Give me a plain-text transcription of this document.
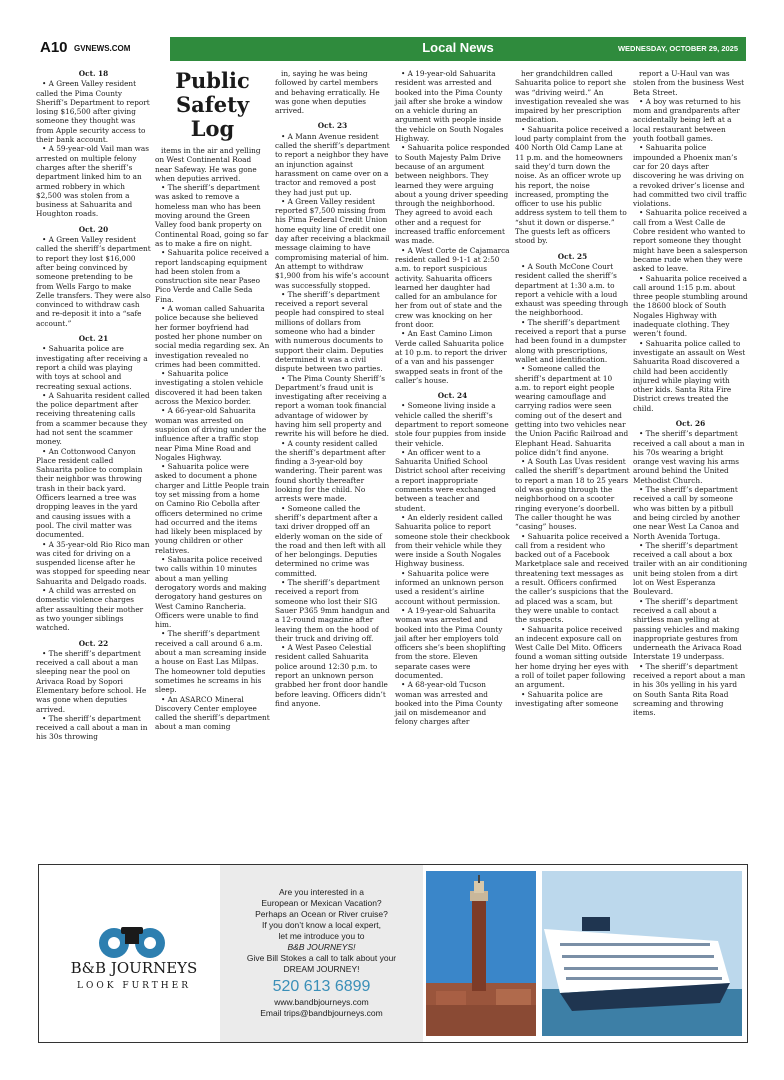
A10 GVNEWS.COM	Local News	WEDNESDAY, OCTOBER 29, 2025

Oct. 18

• A Green Valley resident called the Pima County Sheriff’s Department to report losing $16,500 after giving someone they thought was from Apple security access to their bank account.

• A 59-year-old Vail man was arrested on multiple felony charges after the sheriff’s department linked him to an armed robbery in which $2,500 was stolen from a business at Sahuarita and Houghton roads.

Oct. 20

• A Green Valley resident called the sheriff’s department to report they lost $16,000 after being convinced by someone pretending to be from Wells Fargo to make Zelle transfers. They were also convinced to withdraw cash and re-deposit it into a “safe account.”

Oct. 21

• Sahuarita police are investigating after receiving a report a child was playing with toys at school and recreating sexual actions.

• A Sahuarita resident called the police department after receiving threatening calls from a scammer because they had not sent the scammer money.

• An Cottonwood Canyon Place resident called Sahuarita police to complain their neighbor was throwing trash in their back yard. Officers learned a tree was dropping leaves in the yard and causing issues with a pool. The civil matter was documented.

• A 35-year-old Rio Rico man was cited for driving on a suspended license after he was stopped for speeding near Sahuarita and Delgado roads.

• A child was arrested on domestic violence charges after assaulting their mother as two younger siblings watched.

Oct. 22

• The sheriff’s department received a call about a man sleeping near the pool on Arivaca Road by Sopori Elementary before school. He was gone when deputies arrived.

• The sheriff’s department received a call about a man in his 30s throwing

Public
Safety
Log

items in the air and yelling on West Continental Road near Safeway. He was gone when deputies arrived.

• The sheriff’s department was asked to remove a homeless man who has been moving around the Green Valley food bank property on Continental Road, going so far as to make a fire on night.

• Sahuarita police received a report landscaping equipment had been stolen from a construction site near Paseo Pico Verde and Calle Seda Fina.

• A woman called Sahuarita police because she believed her former boyfriend had posted her phone number on social media regarding sex. An investigation revealed no crimes had been committed.

• Sahuarita police investigating a stolen vehicle discovered it had been taken across the Mexico border.

• A 66-year-old Sahuarita woman was arrested on suspicion of driving under the influence after a traffic stop near Pima Mine Road and Nogales Highway.

• Sahuarita police were asked to document a phone charger and Little People train toy set missing from a home on Camino Rio Cebolla after officers determined no crime had occurred and the items had likely been misplaced by young children or other relatives.

• Sahuarita police received two calls within 10 minutes about a man yelling derogatory words and making derogatory hand gestures on West Camino Rancheria. Officers were unable to find him.

• The sheriff’s department received a call around 6 a.m. about a man screaming inside a house on East Las Milpas. The homeowner told deputies sometimes he screams in his sleep.

• An ASARCO Mineral Discovery Center employee called the sheriff’s department about a man coming

in, saying he was being followed by cartel members and behaving erratically. He was gone when deputies arrived.

Oct. 23

• A Mann Avenue resident called the sheriff’s department to report a neighbor they have an injunction against harassment on came over on a tractor and removed a post they had just put up.

• A Green Valley resident reported $7,500 missing from his Pima Federal Credit Union home equity line of credit one day after receiving a blackmail message claiming to have compromising material of him. An attempt to withdraw $1,900 from his wife’s account was successfully stopped.

• The sheriff’s department received a report several people had conspired to steal millions of dollars from someone who had a binder with numerous documents to support their claim. Deputies determined it was a civil dispute between two parties.

• The Pima County Sheriff’s Department’s fraud unit is investigating after receiving a report a woman took financial advantage of widower by having him sell property and rewrite his will before he died.

• A county resident called the sheriff’s department after finding a 3-year-old boy wandering. Their parent was found shortly thereafter looking for the child. No arrests were made.

• Someone called the sheriff’s department after a taxi driver dropped off an elderly woman on the side of the road and then left with all of her belongings. Deputies determined no crime was committed.

• The sheriff’s department received a report from someone who lost their SIG Sauer P365 9mm handgun and a 12-round magazine after leaving them on the hood of their truck and driving off.

• A West Paseo Celestial resident called Sahuarita police around 12:30 p.m. to report an unknown person grabbed her front door handle before leaving. Officers didn’t find anyone.

• A 19-year-old Sahuarita resident was arrested and booked into the Pima County jail after she broke a window on a vehicle during an argument with people inside the vehicle on South Nogales Highway.

• Sahuarita police responded to South Majesty Palm Drive because of an argument between neighbors. They learned they were arguing about a young driver speeding through the neighborhood. They agreed to avoid each other and a request for increased traffic enforcement was made.

• A West Corte de Cajamarca resident called 9-1-1 at 2:50 a.m. to report suspicious activity. Sahuarita officers learned her daughter had called for an ambulance for her from out of state and the crew was knocking on her front door.

• An East Camino Limon Verde called Sahuarita police at 10 p.m. to report the driver of a van and his passenger swapped seats in front of the caller’s house.

Oct. 24

• Someone living inside a vehicle called the sheriff’s department to report someone stole four puppies from inside their vehicle.

• An officer went to a Sahuarita Unified School District school after receiving a report inappropriate comments were exchanged between a teacher and student.

• An elderly resident called Sahuarita police to report someone stole their checkbook from their vehicle while they were inside a South Nogales Highway business.

• Sahuarita police were informed an unknown person used a resident’s airline account without permission.

• A 19-year-old Sahuarita woman was arrested and booked into the Pima County jail after her employers told officers she’s been shoplifting from the store. Eleven separate cases were documented.

• A 68-year-old Tucson woman was arrested and booked into the Pima County jail on misdemeanor and felony charges after

her grandchildren called Sahuarita police to report she was “driving weird.” An investigation revealed she was impaired by her prescription medication.

• Sahuarita police received a loud party complaint from the 400 North Old Camp Lane at 11 p.m. and the homeowners said they’d turn down the noise. As an officer wrote up his report, the noise increased, prompting the officer to use his public address system to tell them to “shut it down or disperse.” The guests left as officers stood by.

Oct. 25

• A South McCone Court resident called the sheriff’s department at 1:30 a.m. to report a vehicle with a loud exhaust was speeding through the neighborhood.

• The sheriff’s department received a report that a purse had been found in a dumpster along with prescriptions, wallet and identification.

• Someone called the sheriff’s department at 10 a.m. to report eight people wearing camouflage and carrying radios were seen coming out of the desert and getting into two vehicles near the Union Pacific Railroad and Elephant Head. Sahuarita police didn’t find anyone.

• A South Las Uvas resident called the sheriff’s department to report a man 18 to 25 years old was going through the neighborhood on a scooter ringing everyone’s doorbell. The caller thought he was “casing” houses.

• Sahuarita police received a call from a resident who backed out of a Facebook Marketplace sale and received threatening text messages as a result. Officers confirmed the caller’s suspicions that the ad placed was a scam, but they were unable to contact the suspects.

• Sahuarita police received an indecent exposure call on West Calle Del Mito. Officers found a woman sitting outside her home drying her eyes with a roll of toilet paper following an argument.

• Sahuarita police are investigating after someone

report a U-Haul van was stolen from the business West Beta Street.

• A boy was returned to his mom and grandparents after accidentally being left at a local restaurant between youth football games.

• Sahuarita police impounded a Phoenix man’s car for 20 days after discovering he was driving on a revoked driver’s license and had committed two civil traffic violations.

• Sahuarita police received a call from a West Calle de Cobre resident who wanted to report someone they thought might have been a salesperson became rude when they were asked to leave.

• Sahuarita police received a call around 1:15 p.m. about three people stumbling around the 18600 block of South Nogales Highway with inadequate clothing. They weren’t found.

• Sahuarita police called to investigate an assault on West Sahuarita Road discovered a child had been accidently injured while playing with other kids. Santa Rita Fire District crews treated the child.

Oct. 26

• The sheriff’s department received a call about a man in his 70s wearing a bright orange vest waving his arms around behind the United Methodist Church.

• The sheriff’s department received a call by someone who was bitten by a pitbull and being circled by another one near West La Canoa and North Avenida Tortuga.

• The sheriff’s department received a call about a box trailer with an air conditioning unit being stolen from a dirt lot on West Esperanza Boulevard.

• The sheriff’s department received a call about a shirtless man yelling at passing vehicles and making inappropriate gestures from underneath the Arivaca Road Interstate 19 underpass.

• The sheriff’s department received a report about a man in his 30s yelling in his yard on South Santa Rita Road screaming and throwing items.

B&B JOURNEYS
LOOK FURTHER
Are you interested in a
European or Mexican Vacation?
Perhaps an Ocean or River cruise?
If you don’t know a local expert,
let me introduce you to
B&B JOURNEYS!
Give Bill Stokes a call to talk about your
DREAM JOURNEY!
520 613 6899
www.bandbjourneys.com
Email trips@bandbjourneys.com
